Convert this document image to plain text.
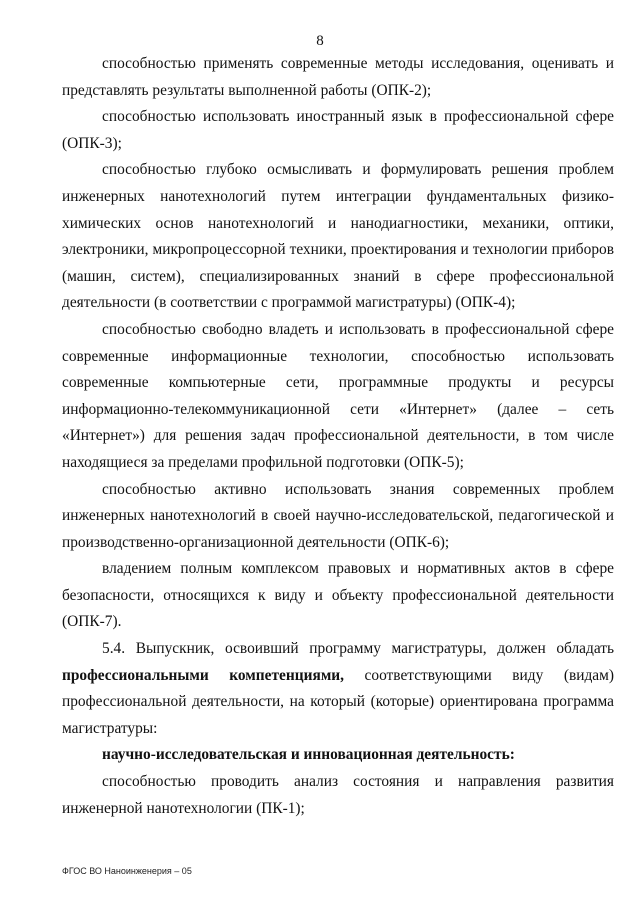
8

способностью применять современные методы исследования, оценивать и представлять результаты выполненной работы (ОПК-2);

способностью использовать иностранный язык в профессиональной сфере (ОПК-3);

способностью глубоко осмысливать и формулировать решения проблем инженерных нанотехнологий путем интеграции фундаментальных физико-химических основ нанотехнологий и нанодиагностики, механики, оптики, электроники, микропроцессорной техники, проектирования и технологии приборов (машин, систем), специализированных знаний в сфере профессиональной деятельности (в соответствии с программой магистратуры) (ОПК-4);

способностью свободно владеть и использовать в профессиональной сфере современные информационные технологии, способностью использовать современные компьютерные сети, программные продукты и ресурсы информационно-телекоммуникационной сети «Интернет» (далее – сеть «Интернет») для решения задач профессиональной деятельности, в том числе находящиеся за пределами профильной подготовки (ОПК-5);

способностью активно использовать знания современных проблем инженерных нанотехнологий в своей научно-исследовательской, педагогической и производственно-организационной деятельности (ОПК-6);

владением полным комплексом правовых и нормативных актов в сфере безопасности, относящихся к виду и объекту профессиональной деятельности (ОПК-7).

5.4. Выпускник, освоивший программу магистратуры, должен обладать профессиональными компетенциями, соответствующими виду (видам) профессиональной деятельности, на который (которые) ориентирована программа магистратуры:

научно-исследовательская и инновационная деятельность:

способностью проводить анализ состояния и направления развития инженерной нанотехнологии (ПК-1);

ФГОС ВО Наноинженерия – 05
